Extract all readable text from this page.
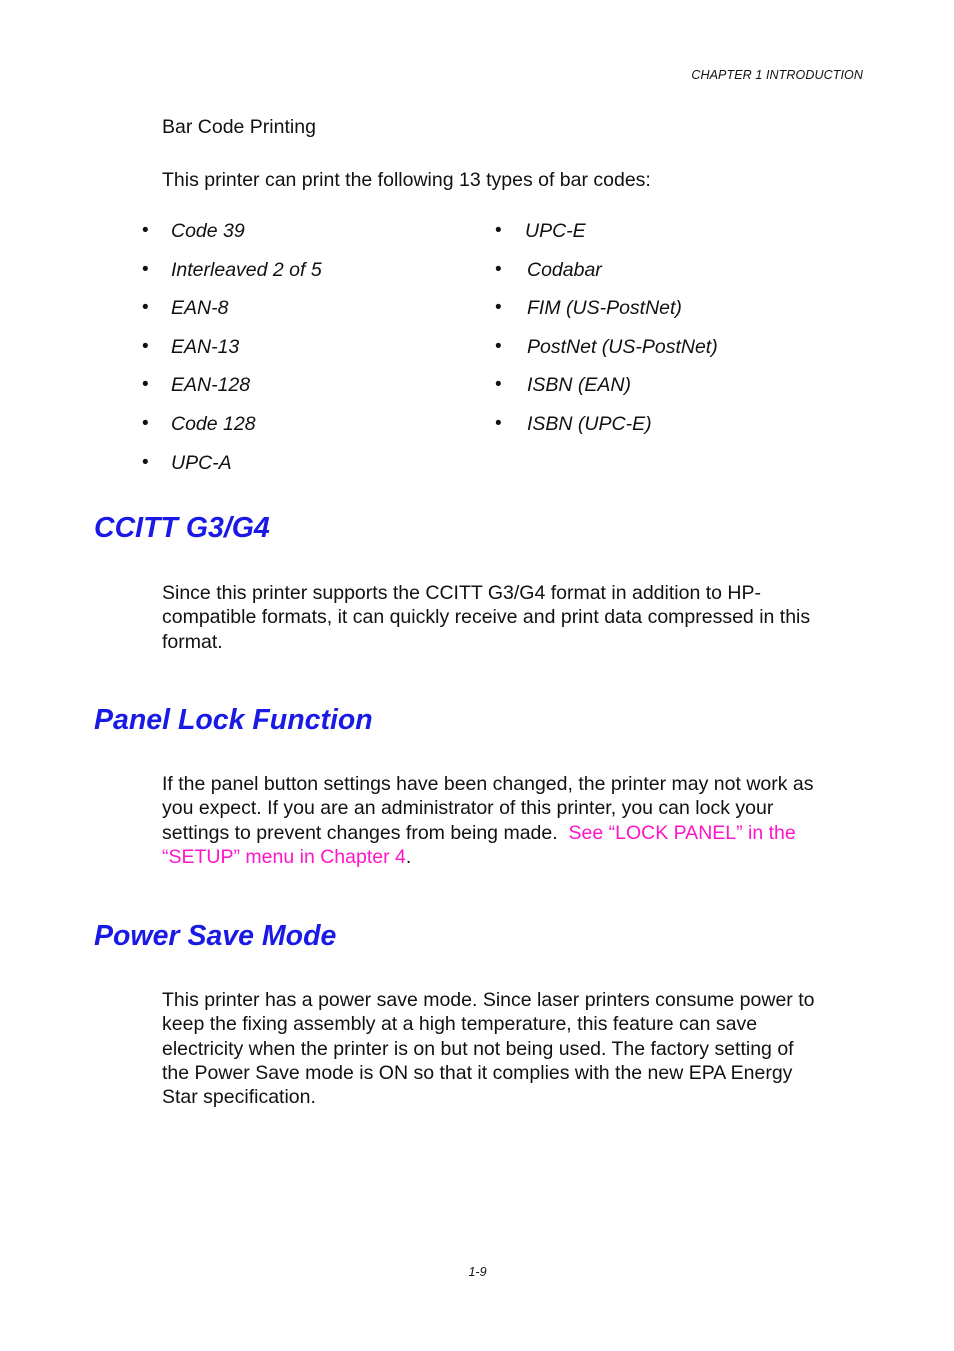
CHAPTER 1 INTRODUCTION
Bar Code Printing
This printer can print the following 13 types of bar codes:
• Code 39
• Interleaved 2 of 5
• EAN-8
• EAN-13
• EAN-128
• Code 128
• UPC-A
• UPC-E
• Codabar
• FIM (US-PostNet)
• PostNet (US-PostNet)
• ISBN (EAN)
• ISBN (UPC-E)
CCITT G3/G4
Since this printer supports the CCITT G3/G4 format in addition to HP-
compatible formats, it can quickly receive and print data compressed in this
format.
Panel Lock Function
If the panel button settings have been changed, the printer may not work as
you expect. If you are an administrator of this printer, you can lock your
settings to prevent changes from being made. See “LOCK PANEL” in the
“SETUP” menu in Chapter 4.
Power Save Mode
This printer has a power save mode. Since laser printers consume power to
keep the fixing assembly at a high temperature, this feature can save
electricity when the printer is on but not being used. The factory setting of
the Power Save mode is ON so that it complies with the new EPA Energy
Star specification.
1-9
